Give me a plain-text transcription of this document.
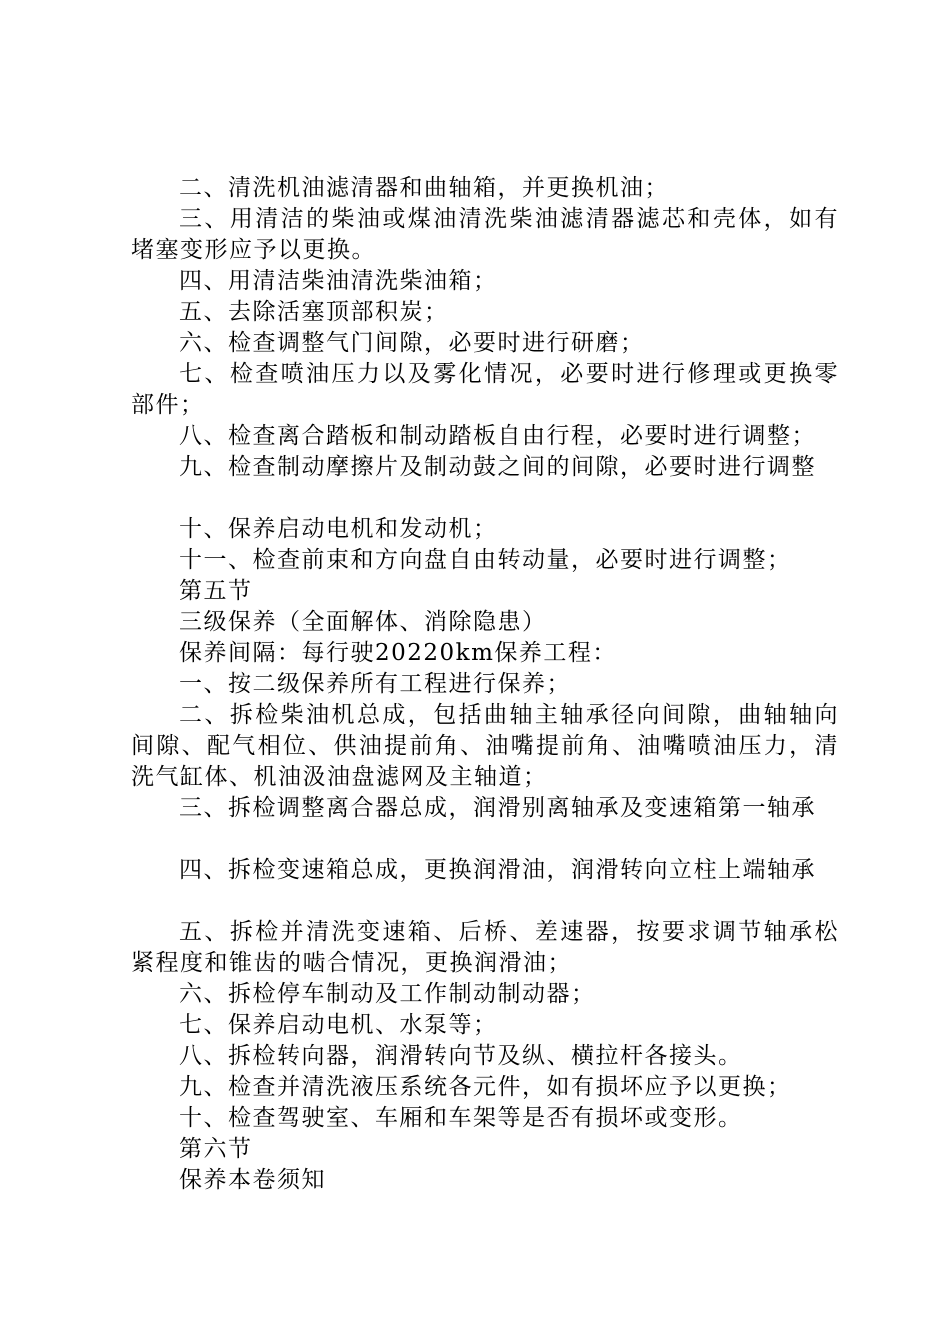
二、清洗机油滤清器和曲轴箱，并更换机油；

三、用清洁的柴油或煤油清洗柴油滤清器滤芯和壳体，如有堵塞变形应予以更换。

四、用清洁柴油清洗柴油箱；

五、去除活塞顶部积炭；

六、检查调整气门间隙，必要时进行研磨；

七、检查喷油压力以及雾化情况，必要时进行修理或更换零部件；

八、检查离合踏板和制动踏板自由行程，必要时进行调整；

九、检查制动摩擦片及制动鼓之间的间隙，必要时进行调整

十、保养启动电机和发动机；

十一、检查前束和方向盘自由转动量，必要时进行调整；

第五节

三级保养（全面解体、消除隐患）

保养间隔：每行驶20220km保养工程：

一、按二级保养所有工程进行保养；

二、拆检柴油机总成，包括曲轴主轴承径向间隙，曲轴轴向间隙、配气相位、供油提前角、油嘴提前角、油嘴喷油压力，清洗气缸体、机油汲油盘滤网及主轴道；

三、拆检调整离合器总成，润滑别离轴承及变速箱第一轴承

四、拆检变速箱总成，更换润滑油，润滑转向立柱上端轴承

五、拆检并清洗变速箱、后桥、差速器，按要求调节轴承松紧程度和锥齿的啮合情况，更换润滑油；

六、拆检停车制动及工作制动制动器；

七、保养启动电机、水泵等；

八、拆检转向器，润滑转向节及纵、横拉杆各接头。

九、检查并清洗液压系统各元件，如有损坏应予以更换；

十、检查驾驶室、车厢和车架等是否有损坏或变形。

第六节

保养本卷须知
